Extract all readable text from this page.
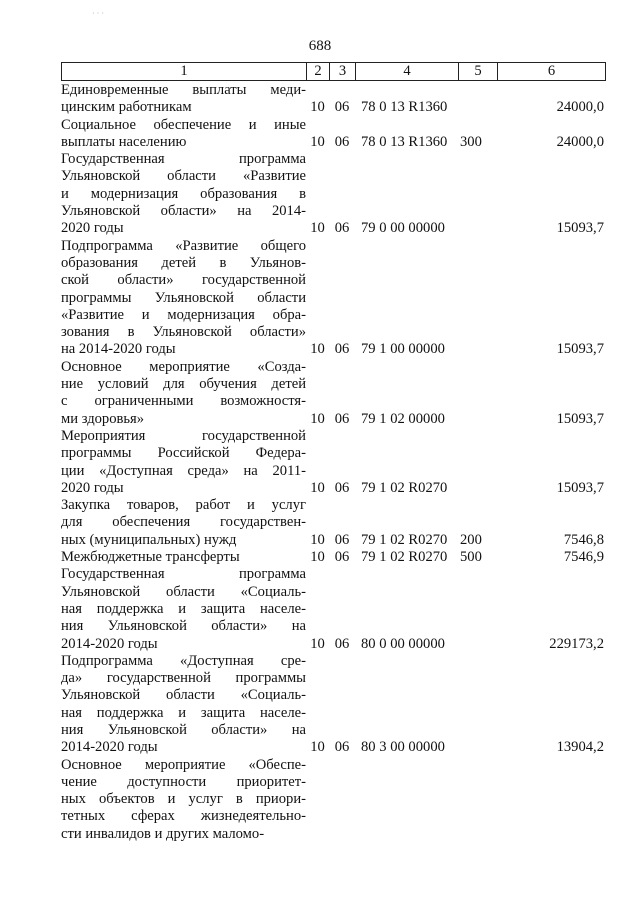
688
1	2	3	4	5	6
Единовременные выплаты меди-
цинским работникам	10 06 78 0 13 R1360	24000,0
Социальное обеспечение и иные
выплаты населению	10 06 78 0 13 R1360 300	24000,0
Государственная программа
Ульяновской области «Развитие
и модернизация образования в
Ульяновской области» на 2014-
2020 годы	10 06 79 0 00 00000	15093,7
Подпрограмма «Развитие общего
образования детей в Ульянов-
ской области» государственной
программы Ульяновской области
«Развитие и модернизация обра-
зования в Ульяновской области»
на 2014-2020 годы	10 06 79 1 00 00000	15093,7
Основное мероприятие «Созда-
ние условий для обучения детей
с ограниченными возможностя-
ми здоровья»	10 06 79 1 02 00000	15093,7
Мероприятия государственной
программы Российской Федера-
ции «Доступная среда» на 2011-
2020 годы	10 06 79 1 02 R0270	15093,7
Закупка товаров, работ и услуг
для обеспечения государствен-
ных (муниципальных) нужд	10 06 79 1 02 R0270 200	7546,8
Межбюджетные трансферты	10 06 79 1 02 R0270 500	7546,9
Государственная программа
Ульяновской области «Социаль-
ная поддержка и защита населе-
ния Ульяновской области» на
2014-2020 годы	10 06 80 0 00 00000	229173,2
Подпрограмма «Доступная сре-
да» государственной программы
Ульяновской области «Социаль-
ная поддержка и защита населе-
ния Ульяновской области» на
2014-2020 годы	10 06 80 3 00 00000	13904,2
Основное мероприятие «Обеспе-
чение доступности приоритет-
ных объектов и услуг в приори-
тетных сферах жизнедеятельно-
сти инвалидов и других маломо-
· · ·
